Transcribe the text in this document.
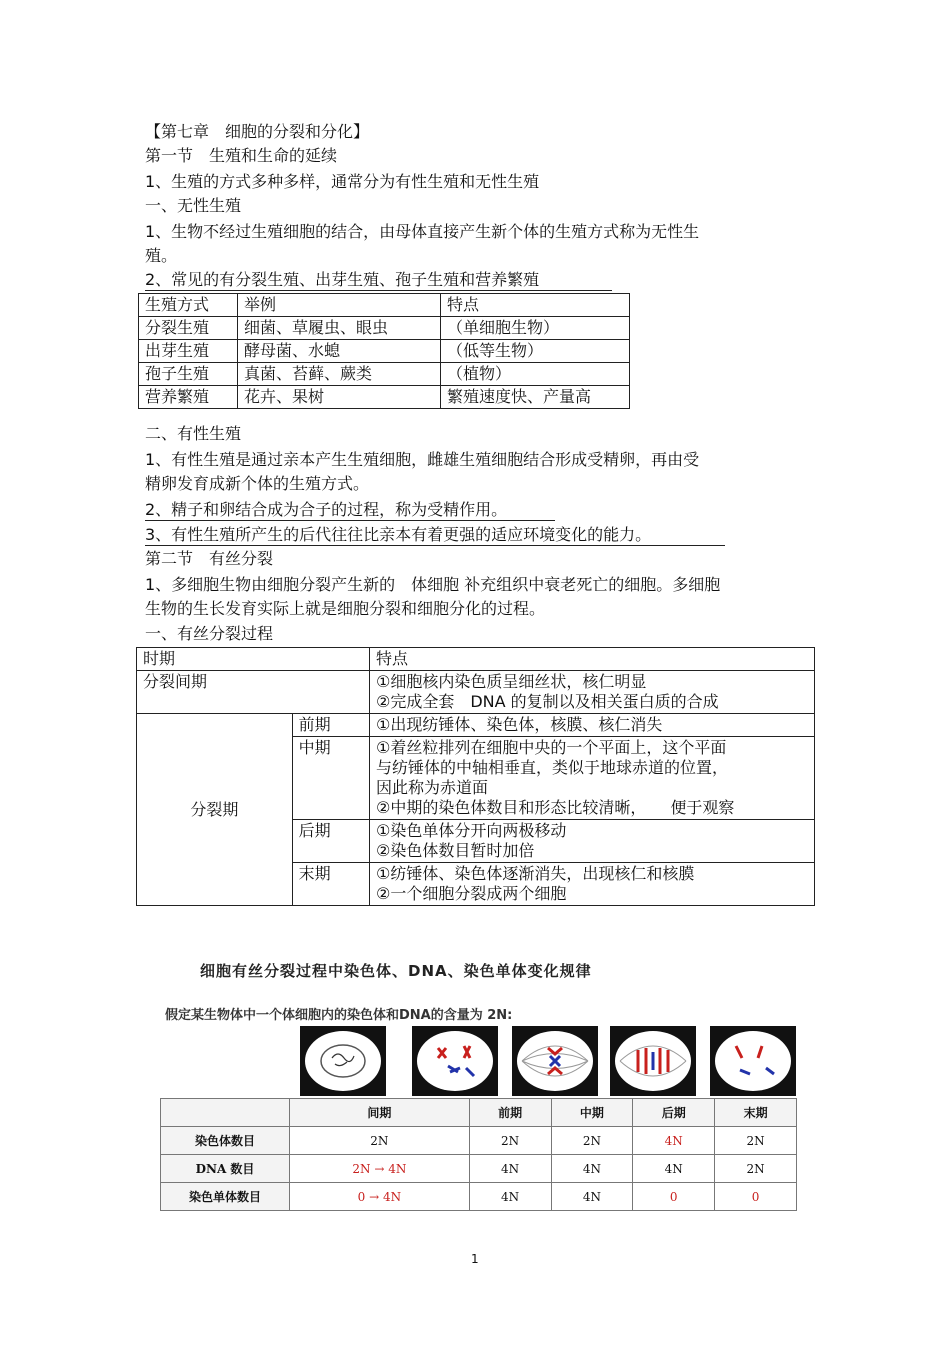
【第七章　细胞的分裂和分化】
第一节　生殖和生命的延续
1、生殖的方式多种多样，通常分为有性生殖和无性生殖
一、无性生殖
1、生物不经过生殖细胞的结合，由母体直接产生新个体的生殖方式称为无性生
殖。
2、常见的有分裂生殖、出芽生殖、孢子生殖和营养繁殖
生殖方式	举例	特点
分裂生殖	细菌、草履虫、眼虫	（单细胞生物）
出芽生殖	酵母菌、水螅	（低等生物）
孢子生殖	真菌、苔藓、蕨类	（植物）
营养繁殖	花卉、果树	繁殖速度快、产量高
二、有性生殖
1、有性生殖是通过亲本产生生殖细胞，雌雄生殖细胞结合形成受精卵，再由受
精卵发育成新个体的生殖方式。
2、精子和卵结合成为合子的过程，称为受精作用。
3、有性生殖所产生的后代往往比亲本有着更强的适应环境变化的能力。
第二节　有丝分裂
1、多细胞生物由细胞分裂产生新的　体细胞 补充组织中衰老死亡的细胞。多细胞
生物的生长发育实际上就是细胞分裂和细胞分化的过程。
一、有丝分裂过程
时期		特点
分裂间期		①细胞核内染色质呈细丝状，核仁明显
②完成全套　DNA 的复制以及相关蛋白质的合成

分裂期	前期	①出现纺锤体、染色体，核膜、核仁消失
	中期	①着丝粒排列在细胞中央的一个平面上，这个平面
与纺锤体的中轴相垂直，类似于地球赤道的位置，
因此称为赤道面
②中期的染色体数目和形态比较清晰，　　便于观察

	后期	①染色单体分开向两极移动
②染色体数目暂时加倍

	末期	①纺锤体、染色体逐渐消失，出现核仁和核膜
②一个细胞分裂成两个细胞
细胞有丝分裂过程中染色体、DNA、染色单体变化规律
假定某生物体中一个体细胞内的染色体和DNA的含量为 2N:
	间期	前期	中期	后期	末期
染色体数目	2N	2N	2N	4N	2N
DNA 数目	2N → 4N	4N	4N	4N	2N
染色单体数目	0 → 4N	4N	4N	0	0
1
